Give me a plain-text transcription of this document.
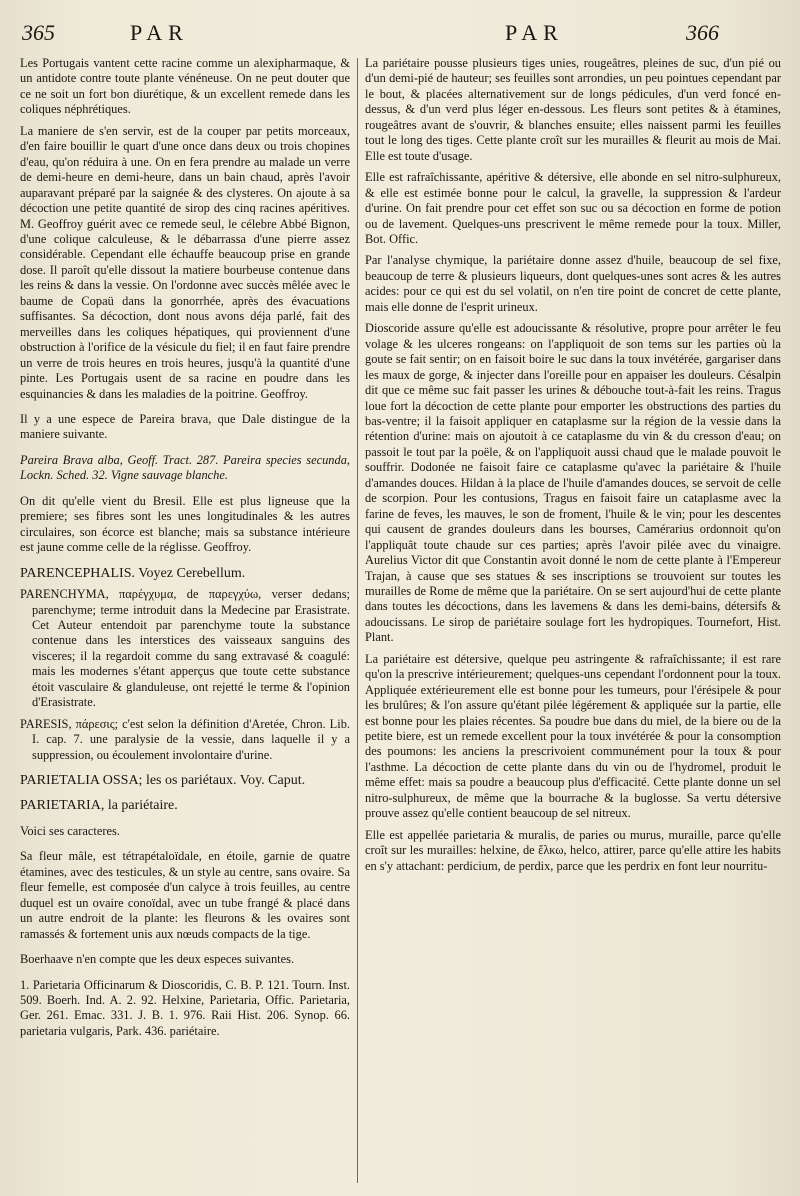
365	PAR	PAR	366

Les Portugais vantent cette racine comme un alexipharmaque, & un antidote contre toute plante vénéneuse. On ne peut douter que ce ne soit un fort bon diurétique, & un excellent remede dans les coliques néphrétiques.

La maniere de s'en servir, est de la couper par petits morceaux, d'en faire bouillir le quart d'une once dans deux ou trois chopines d'eau, qu'on réduira à une. On en fera prendre au malade un verre de demi-heure en demi-heure, dans un bain chaud, après l'avoir auparavant préparé par la saignée & des clysteres. On ajoute à sa décoction une petite quantité de sirop des cinq racines apéritives. M. Geoffroy guérit avec ce remede seul, le célebre Abbé Bignon, d'une colique calculeuse, & le débarrassa d'une pierre assez considérable. Cependant elle échauffe beaucoup prise en grande dose. Il paroît qu'elle dissout la matiere bourbeuse contenue dans les reins & dans la vessie. On l'ordonne avec succès mêlée avec le baume de Copaü dans la gonorrhée, après des évacuations suffisantes. Sa décoction, dont nous avons déja parlé, fait des merveilles dans les coliques hépatiques, qui proviennent d'une obstruction à l'orifice de la vésicule du fiel; il en faut faire prendre un verre de trois heures en trois heures, jusqu'à la quantité d'une pinte. Les Portugais usent de sa racine en poudre dans les esquinancies & dans les maladies de la poitrine. Geoffroy.

Il y a une espece de Pareira brava, que Dale distingue de la maniere suivante.

Pareira Brava alba, Geoff. Tract. 287. Pareira species secunda, Lockn. Sched. 32. Vigne sauvage blanche.

On dit qu'elle vient du Bresil. Elle est plus ligneuse que la premiere; ses fibres sont les unes longitudinales & les autres circulaires, son écorce est blanche; mais sa substance intérieure est jaune comme celle de la réglisse. Geoffroy.

PARENCEPHALIS. Voyez Cerebellum.

PARENCHYMA, παρέγχυμα, de παρεγχύω, verser dedans; parenchyme; terme introduit dans la Medecine par Erasistrate. Cet Auteur entendoit par parenchyme toute la substance contenue dans les interstices des vaisseaux sanguins des visceres; il la regardoit comme du sang extravasé & coagulé: mais les modernes s'étant apperçus que toute cette substance étoit vasculaire & glanduleuse, ont rejetté le terme & l'opinion d'Erasistrate.

PARESIS, πάρεσις; c'est selon la définition d'Aretée, Chron. Lib. I. cap. 7. une paralysie de la vessie, dans laquelle il y a suppression, ou écoulement involontaire d'urine.

PARIETALIA OSSA; les os pariétaux. Voy. Caput.

PARIETARIA, la pariétaire.

Voici ses caracteres.

Sa fleur mâle, est tétrapétaloïdale, en étoile, garnie de quatre étamines, avec des testicules, & un style au centre, sans ovaire. Sa fleur femelle, est composée d'un calyce à trois feuilles, au centre duquel est un ovaire conoïdal, avec un tube frangé & placé dans un autre endroit de la plante: les fleurons & les ovaires sont ramassés & fortement unis aux nœuds compacts de la tige.

Boerhaave n'en compte que les deux especes suivantes.

1. Parietaria Officinarum & Dioscoridis, C. B. P. 121. Tourn. Inst. 509. Boerh. Ind. A. 2. 92. Helxine, Parietaria, Offic. Parietaria, Ger. 261. Emac. 331. J. B. 1. 976. Raii Hist. 206. Synop. 66. parietaria vulgaris, Park. 436. pariétaire.

La pariétaire pousse plusieurs tiges unies, rougeâtres, pleines de suc, d'un pié ou d'un demi-pié de hauteur; ses feuilles sont arrondies, un peu pointues cependant par le bout, & placées alternativement sur de longs pédicules, d'un verd foncé en-dessus, & d'un verd plus léger en-dessous. Les fleurs sont petites & à étamines, rougeâtres avant de s'ouvrir, & blanches ensuite; elles naissent parmi les feuilles tout le long des tiges. Cette plante croît sur les murailles & fleurit au mois de Mai. Elle est toute d'usage.

Elle est rafraîchissante, apéritive & détersive, elle abonde en sel nitro-sulphureux, & elle est estimée bonne pour le calcul, la gravelle, la suppression & l'ardeur d'urine. On fait prendre pour cet effet son suc ou sa décoction en forme de potion ou de lavement. Quelques-uns prescrivent le même remede pour la toux. Miller, Bot. Offic.

Par l'analyse chymique, la pariétaire donne assez d'huile, beaucoup de sel fixe, beaucoup de terre & plusieurs liqueurs, dont quelques-unes sont acres & les autres acides: pour ce qui est du sel volatil, on n'en tire point de concret de cette plante, mais elle donne de l'esprit urineux.

Dioscoride assure qu'elle est adoucissante & résolutive, propre pour arrêter le feu volage & les ulceres rongeans: on l'appliquoit de son tems sur les parties où la goute se fait sentir; on en faisoit boire le suc dans la toux invétérée, gargariser dans les maux de gorge, & injecter dans l'oreille pour en appaiser les douleurs. Césalpin dit que ce même suc fait passer les urines & débouche tout-à-fait les reins. Tragus loue fort la décoction de cette plante pour emporter les obstructions des parties du bas-ventre; il la faisoit appliquer en cataplasme sur la région de la vessie dans la rétention d'urine: mais on ajoutoit à ce cataplasme du vin & du cresson d'eau; on passoit le tout par la poële, & on l'appliquoit aussi chaud que le malade pouvoit le souffrir. Dodonée ne faisoit faire ce cataplasme qu'avec la pariétaire & l'huile d'amandes douces. Hildan à la place de l'huile d'amandes douces, se servoit de celle de scorpion. Pour les contusions, Tragus en faisoit faire un cataplasme avec la farine de feves, les mauves, le son de froment, l'huile & le vin; pour les descentes qui causent de grandes douleurs dans les bourses, Camérarius ordonnoit qu'on l'appliquât toute chaude sur ces parties; après l'avoir pilée avec du vinaigre. Aurelius Victor dit que Constantin avoit donné le nom de cette plante à l'Empereur Trajan, à cause que ses statues & ses inscriptions se trouvoient sur toutes les murailles de Rome de même que la pariétaire. On se sert aujourd'hui de cette plante dans toutes les décoctions, dans les lavemens & dans les demi-bains, détersifs & adoucissans. Le sirop de pariétaire soulage fort les hydropiques. Tournefort, Hist. Plant.

La pariétaire est détersive, quelque peu astringente & rafraîchissante; il est rare qu'on la prescrive intérieurement; quelques-uns cependant l'ordonnent pour la toux. Appliquée extérieurement elle est bonne pour les tumeurs, pour l'érésipele & pour les brulûres; & l'on assure qu'étant pilée légérement & appliquée sur la partie, elle est bonne pour les plaies récentes. Sa poudre bue dans du miel, de la biere ou de la petite biere, est un remede excellent pour la toux invétérée & pour la consomption des poumons: les anciens la prescrivoient communément pour la toux & pour l'asthme. La décoction de cette plante dans du vin ou de l'hydromel, produit le même effet: mais sa poudre a beaucoup plus d'efficacité. Cette plante donne un sel nitro-sulphureux, de même que la bourrache & la buglosse. Sa vertu détersive prouve assez qu'elle contient beaucoup de sel nitreux.

Elle est appellée parietaria & muralis, de paries ou murus, muraille, parce qu'elle croît sur les murailles: helxine, de ἕλκω, helco, attirer, parce qu'elle attire les habits en s'y attachant: perdicium, de perdix, parce que les perdrix en font leur nourritu-
